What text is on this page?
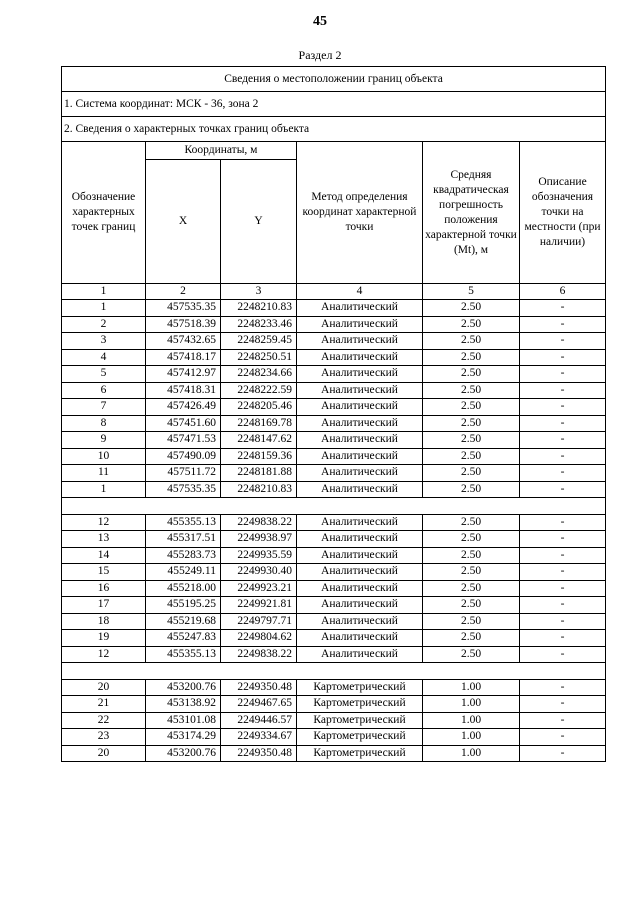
45
Раздел 2
Сведения о местоположении границ объекта					
1. Система координат: МСК - 36, зона 2					
2. Сведения о характерных точках границ объекта					
Обозначение характерных точек границ	Координаты, м		Метод определения координат характерной точки	Средняя квадратическая погрешность положения характерной точки (Mt), м	Описание обозначения точки на местности (при наличии)
	X	Y			
1	2	3	4	5	6
1	457535.35	2248210.83	Аналитический	2.50	-
2	457518.39	2248233.46	Аналитический	2.50	-
3	457432.65	2248259.45	Аналитический	2.50	-
4	457418.17	2248250.51	Аналитический	2.50	-
5	457412.97	2248234.66	Аналитический	2.50	-
6	457418.31	2248222.59	Аналитический	2.50	-
7	457426.49	2248205.46	Аналитический	2.50	-
8	457451.60	2248169.78	Аналитический	2.50	-
9	457471.53	2248147.62	Аналитический	2.50	-
10	457490.09	2248159.36	Аналитический	2.50	-
11	457511.72	2248181.88	Аналитический	2.50	-
1	457535.35	2248210.83	Аналитический	2.50	-

12	455355.13	2249838.22	Аналитический	2.50	-
13	455317.51	2249938.97	Аналитический	2.50	-
14	455283.73	2249935.59	Аналитический	2.50	-
15	455249.11	2249930.40	Аналитический	2.50	-
16	455218.00	2249923.21	Аналитический	2.50	-
17	455195.25	2249921.81	Аналитический	2.50	-
18	455219.68	2249797.71	Аналитический	2.50	-
19	455247.83	2249804.62	Аналитический	2.50	-
12	455355.13	2249838.22	Аналитический	2.50	-

20	453200.76	2249350.48	Картометрический	1.00	-
21	453138.92	2249467.65	Картометрический	1.00	-
22	453101.08	2249446.57	Картометрический	1.00	-
23	453174.29	2249334.67	Картометрический	1.00	-
20	453200.76	2249350.48	Картометрический	1.00	-
